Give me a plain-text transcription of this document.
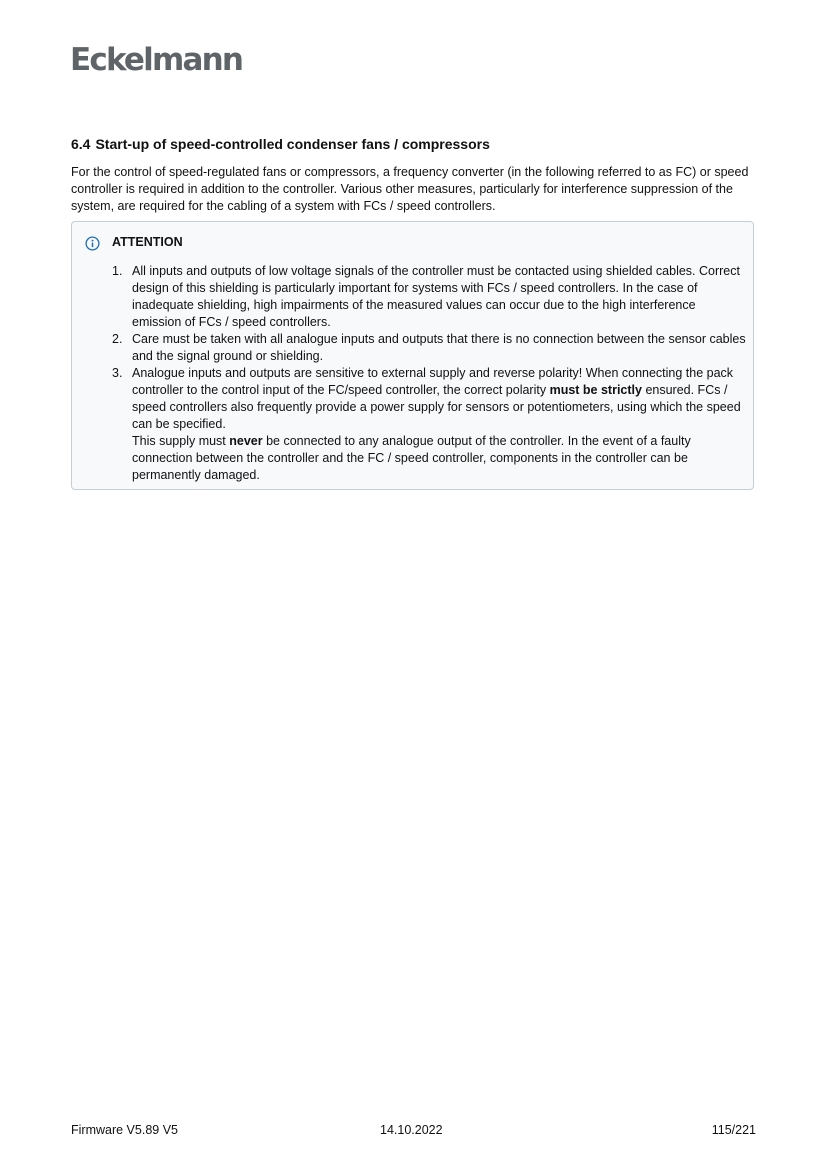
Eckelmann
6.4 Start-up of speed-controlled condenser fans / compressors

For the control of speed-regulated fans or compressors, a frequency converter (in the following referred to as FC) or speed controller is required in addition to the controller. Various other measures, particularly for interference suppression of the system, are required for the cabling of a system with FCs / speed controllers.

ATTENTION
1. All inputs and outputs of low voltage signals of the controller must be contacted using shielded cables. Correct design of this shielding is particularly important for systems with FCs / speed controllers. In the case of inadequate shielding, high impairments of the measured values can occur due to the high interference emission of FCs / speed controllers.
2. Care must be taken with all analogue inputs and outputs that there is no connection between the sensor cables and the signal ground or shielding.
3. Analogue inputs and outputs are sensitive to external supply and reverse polarity! When connecting the pack controller to the control input of the FC/speed controller, the correct polarity must be strictly ensured. FCs / speed controllers also frequently provide a power supply for sensors or potentiometers, using which the speed can be specified.
This supply must never be connected to any analogue output of the controller. In the event of a faulty connection between the controller and the FC / speed controller, components in the controller can be permanently damaged.
Firmware V5.89 V5	14.10.2022	115/221
